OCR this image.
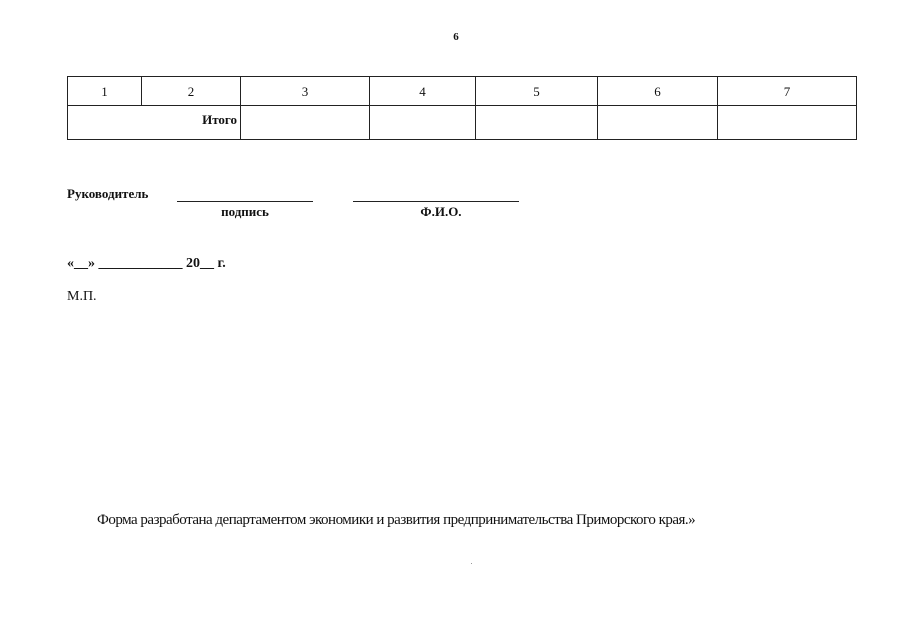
6
1	2	3	4	5	6	7
Итого						
Руководитель
подпись	Ф.И.О.
«__» ____________ 20__ г.
М.П.
Форма разработана департаментом экономики и развития предпринимательства Приморского края.»
